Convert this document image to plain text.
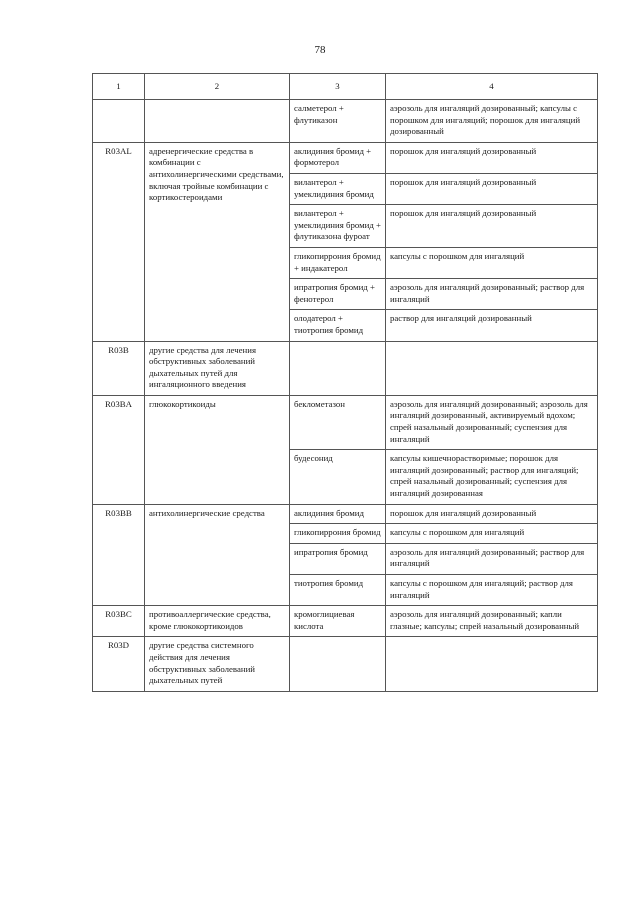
78
1	2	3	4
		салметерол + флутиказон	аэрозоль для ингаляций дозированный; капсулы с порошком для ингаляций; порошок для ингаляций дозированный
R03AL	адренергические средства в комбинации с антихолинергическими средствами, включая тройные комбинации с кортикостероидами	аклидиния бромид + формотерол	порошок для ингаляций дозированный
		вилантерол + умеклидиния бромид	порошок для ингаляций дозированный
		вилантерол + умеклидиния бромид + флутиказона фуроат	порошок для ингаляций дозированный
		гликопиррония бромид + индакатерол	капсулы с порошком для ингаляций
		ипратропия бромид + фенотерол	аэрозоль для ингаляций дозированный; раствор для ингаляций
		олодатерол + тиотропия бромид	раствор для ингаляций дозированный
R03B	другие средства для лечения обструктивных заболеваний дыхательных путей для ингаляционного введения		
R03BA	глюкокортикоиды	беклометазон	аэрозоль для ингаляций дозированный; аэрозоль для ингаляций дозированный, активируемый вдохом; спрей назальный дозированный; суспензия для ингаляций
		будесонид	капсулы кишечнорастворимые; порошок для ингаляций дозированный; раствор для ингаляций; спрей назальный дозированный; суспензия для ингаляций дозированная
R03BB	антихолинергические средства	аклидиния бромид	порошок для ингаляций дозированный
		гликопиррония бромид	капсулы с порошком для ингаляций
		ипратропия бромид	аэрозоль для ингаляций дозированный; раствор для ингаляций
		тиотропия бромид	капсулы с порошком для ингаляций; раствор для ингаляций
R03BC	противоаллергические средства, кроме глюкокортикоидов	кромоглициевая кислота	аэрозоль для ингаляций дозированный; капли глазные; капсулы; спрей назальный дозированный
R03D	другие средства системного действия для лечения обструктивных заболеваний дыхательных путей		
